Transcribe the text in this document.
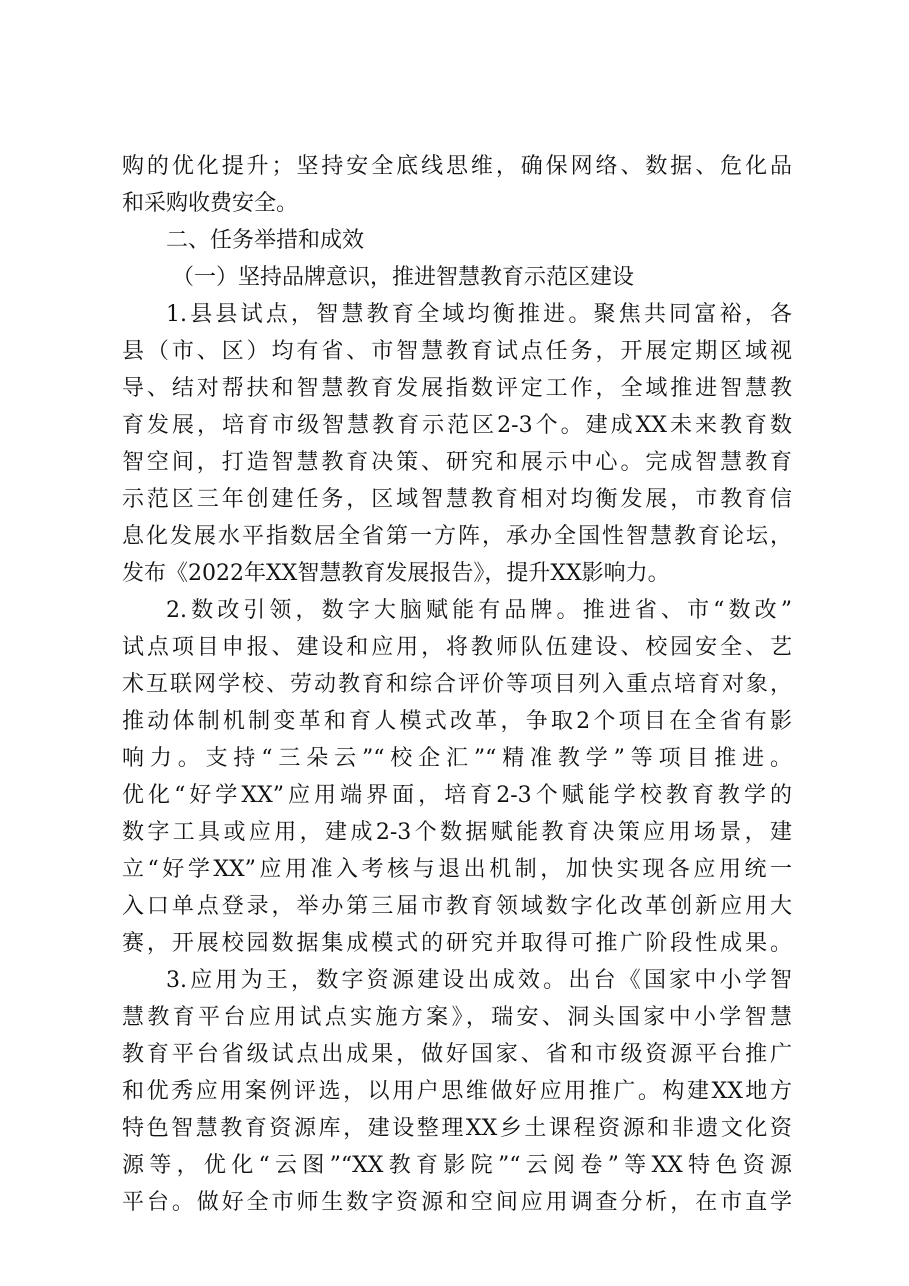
购的优化提升；坚持安全底线思维，确保网络、数据、危化品
和采购收费安全。
二、任务举措和成效
（一）坚持品牌意识，推进智慧教育示范区建设
1.县县试点，智慧教育全域均衡推进。聚焦共同富裕，各
县（市、区）均有省、市智慧教育试点任务，开展定期区域视
导、结对帮扶和智慧教育发展指数评定工作，全域推进智慧教
育发展，培育市级智慧教育示范区2-3个。建成XX未来教育数
智空间，打造智慧教育决策、研究和展示中心。完成智慧教育
示范区三年创建任务，区域智慧教育相对均衡发展，市教育信
息化发展水平指数居全省第一方阵，承办全国性智慧教育论坛，
发布《2022年XX智慧教育发展报告》，提升XX影响力。
2.数改引领，数字大脑赋能有品牌。推进省、市“数改”
试点项目申报、建设和应用，将教师队伍建设、校园安全、艺
术互联网学校、劳动教育和综合评价等项目列入重点培育对象，
推动体制机制变革和育人模式改革，争取2个项目在全省有影
响力。支持“三朵云”“校企汇”“精准教学”等项目推进。
优化“好学XX”应用端界面，培育2-3个赋能学校教育教学的
数字工具或应用，建成2-3个数据赋能教育决策应用场景，建
立“好学XX”应用准入考核与退出机制，加快实现各应用统一
入口单点登录，举办第三届市教育领域数字化改革创新应用大
赛，开展校园数据集成模式的研究并取得可推广阶段性成果。
3.应用为王，数字资源建设出成效。出台《国家中小学智
慧教育平台应用试点实施方案》，瑞安、洞头国家中小学智慧
教育平台省级试点出成果，做好国家、省和市级资源平台推广
和优秀应用案例评选，以用户思维做好应用推广。构建XX地方
特色智慧教育资源库，建设整理XX乡土课程资源和非遗文化资
源等，优化“云图”“XX教育影院”“云阅卷”等XX特色资源
平台。做好全市师生数字资源和空间应用调查分析，在市直学
